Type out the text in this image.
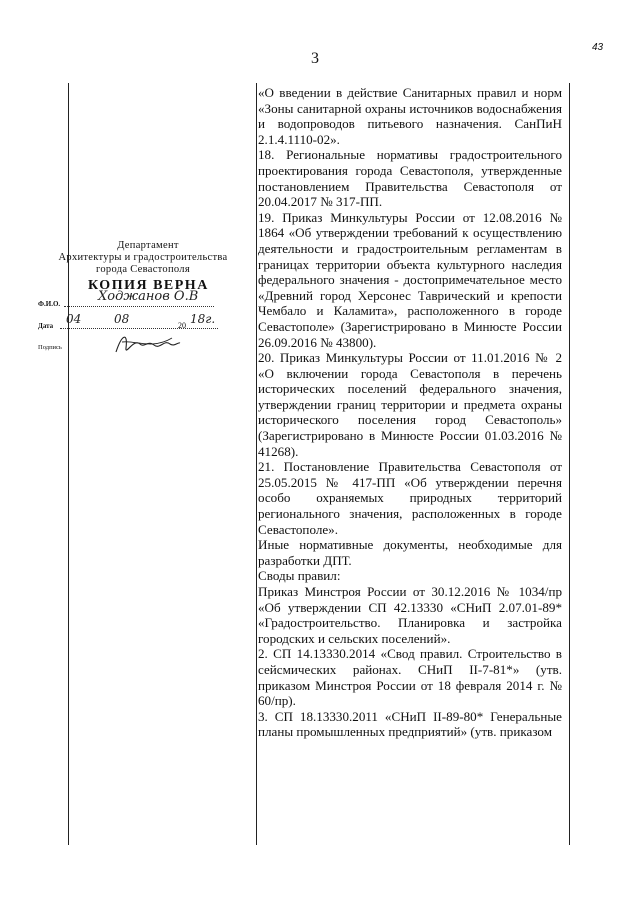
3
43
Департамент
Архитектуры и градостроительства
города Севастополя
КОПИЯ ВЕРНА
Ф.И.О.	Ходжанов О.В
Дата 04	08	20 18г.
Подпись

«О введении в действие Санитарных правил и норм «Зоны санитарной охраны источников водоснабжения и водопроводов питьевого назначения. СанПиН 2.1.4.1110-02».

18. Региональные нормативы градостроительного проектирования города Севастополя, утвержденные постановлением Правительства Севастополя от 20.04.2017 № 317-ПП.

19. Приказ Минкультуры России от 12.08.2016 № 1864 «Об утверждении требований к осуществлению деятельности и градостроительным регламентам в границах территории объекта культурного наследия федерального значения - достопримечательное место «Древний город Херсонес Таврический и крепости Чембало и Каламита», расположенного в городе Севастополе» (Зарегистрировано в Минюсте России 26.09.2016 № 43800).

20. Приказ Минкультуры России от 11.01.2016 № 2 «О включении города Севастополя в перечень исторических поселений федерального значения, утверждении границ территории и предмета охраны исторического поселения город Севастополь» (Зарегистрировано в Минюсте России 01.03.2016 № 41268).

21. Постановление Правительства Севастополя от 25.05.2015 № 417-ПП «Об утверждении перечня особо охраняемых природных территорий регионального значения, расположенных в городе Севастополе».

Иные нормативные документы, необходимые для разработки ДПТ.

Своды правил:

Приказ Минстроя России от 30.12.2016 № 1034/пр «Об утверждении СП 42.13330 «СНиП 2.07.01-89* «Градостроительство. Планировка и застройка городских и сельских поселений».

2. СП 14.13330.2014 «Свод правил. Строительство в сейсмических районах. СНиП II-7-81*» (утв. приказом Минстроя России от 18 февраля 2014 г. № 60/пр).

3. СП 18.13330.2011 «СНиП II-89-80* Генеральные планы промышленных предприятий» (утв. приказом
